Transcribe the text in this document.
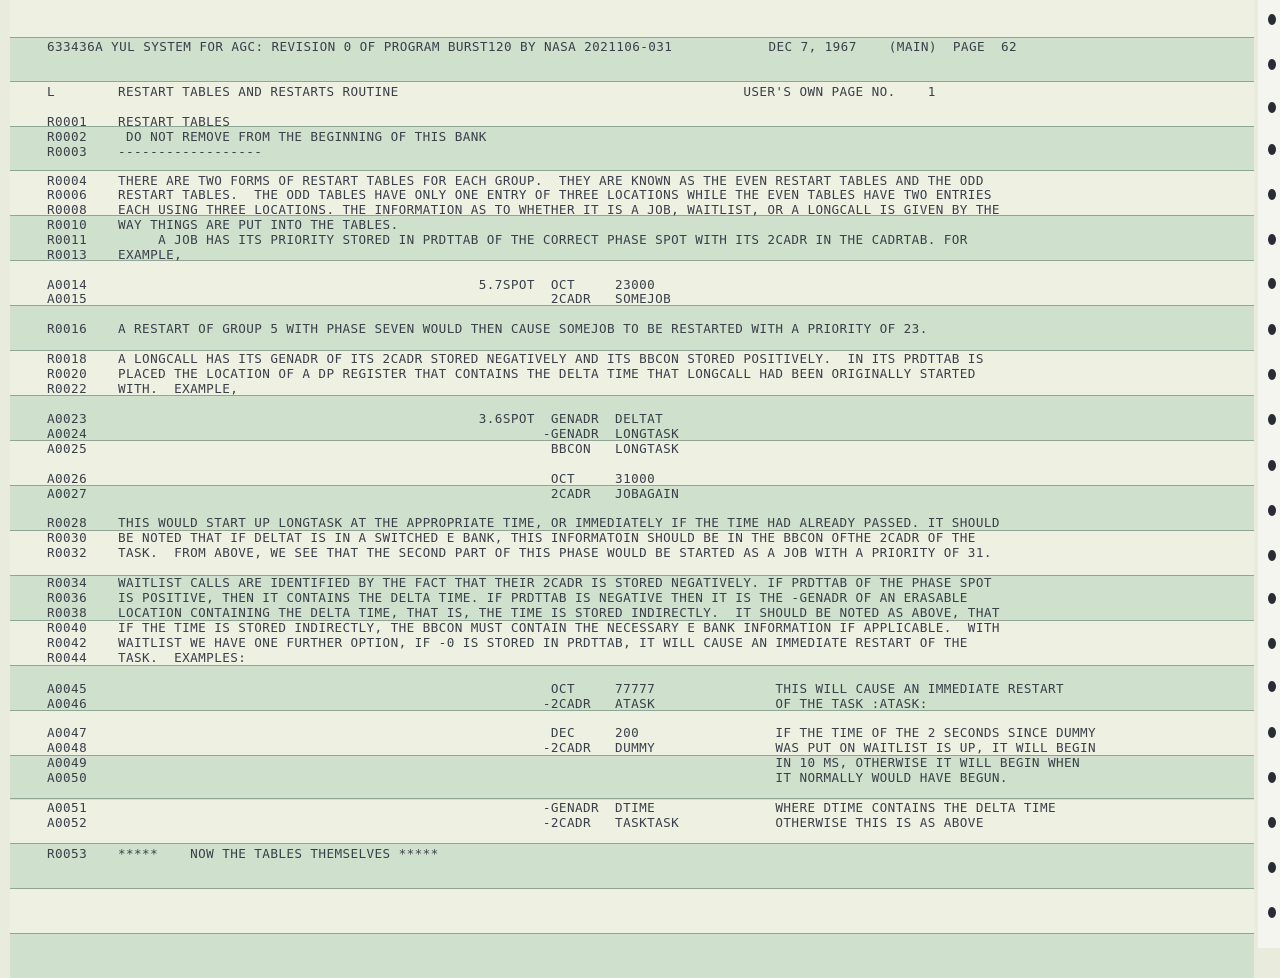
633436A YUL SYSTEM FOR AGC: REVISION 0 OF PROGRAM BURST120 BY NASA 2021106-031            DEC 7, 1967    (MAIN)  PAGE  62
L	RESTART TABLES AND RESTARTS ROUTINE                                           USER'S OWN PAGE NO.    1
R0001 RESTART TABLES
R0002 DO NOT REMOVE FROM THE BEGINNING OF THIS BANK
R0003 ------------------
R0004 THERE ARE TWO FORMS OF RESTART TABLES FOR EACH GROUP.  THEY ARE KNOWN AS THE EVEN RESTART TABLES AND THE ODD
R0006 RESTART TABLES.  THE ODD TABLES HAVE ONLY ONE ENTRY OF THREE LOCATIONS WHILE THE EVEN TABLES HAVE TWO ENTRIES
R0008 EACH USING THREE LOCATIONS. THE INFORMATION AS TO WHETHER IT IS A JOB, WAITLIST, OR A LONGCALL IS GIVEN BY THE
R0010 WAY THINGS ARE PUT INTO THE TABLES.
R0011 A JOB HAS ITS PRIORITY STORED IN PRDTTAB OF THE CORRECT PHASE SPOT WITH ITS 2CADR IN THE CADRTAB. FOR
R0013 EXAMPLE,
A0014 5.7SPOT  OCT     23000
A0015 2CADR   SOMEJOB
R0016 A RESTART OF GROUP 5 WITH PHASE SEVEN WOULD THEN CAUSE SOMEJOB TO BE RESTARTED WITH A PRIORITY OF 23.
R0018 A LONGCALL HAS ITS GENADR OF ITS 2CADR STORED NEGATIVELY AND ITS BBCON STORED POSITIVELY.  IN ITS PRDTTAB IS
R0020 PLACED THE LOCATION OF A DP REGISTER THAT CONTAINS THE DELTA TIME THAT LONGCALL HAD BEEN ORIGINALLY STARTED
R0022 WITH.  EXAMPLE,
A0023 3.6SPOT  GENADR  DELTAT
A0024 -GENADR  LONGTASK
A0025 BBCON   LONGTASK
A0026 OCT     31000
A0027 2CADR   JOBAGAIN
R0028 THIS WOULD START UP LONGTASK AT THE APPROPRIATE TIME, OR IMMEDIATELY IF THE TIME HAD ALREADY PASSED. IT SHOULD
R0030 BE NOTED THAT IF DELTAT IS IN A SWITCHED E BANK, THIS INFORMATOIN SHOULD BE IN THE BBCON OFTHE 2CADR OF THE
R0032 TASK.  FROM ABOVE, WE SEE THAT THE SECOND PART OF THIS PHASE WOULD BE STARTED AS A JOB WITH A PRIORITY OF 31.
R0034 WAITLIST CALLS ARE IDENTIFIED BY THE FACT THAT THEIR 2CADR IS STORED NEGATIVELY. IF PRDTTAB OF THE PHASE SPOT
R0036 IS POSITIVE, THEN IT CONTAINS THE DELTA TIME. IF PRDTTAB IS NEGATIVE THEN IT IS THE -GENADR OF AN ERASABLE
R0038 LOCATION CONTAINING THE DELTA TIME, THAT IS, THE TIME IS STORED INDIRECTLY.  IT SHOULD BE NOTED AS ABOVE, THAT
R0040 IF THE TIME IS STORED INDIRECTLY, THE BBCON MUST CONTAIN THE NECESSARY E BANK INFORMATION IF APPLICABLE.  WITH
R0042 WAITLIST WE HAVE ONE FURTHER OPTION, IF -0 IS STORED IN PRDTTAB, IT WILL CAUSE AN IMMEDIATE RESTART OF THE
R0044 TASK.  EXAMPLES:
A0045 OCT     77777               THIS WILL CAUSE AN IMMEDIATE RESTART
A0046 -2CADR   ATASK               OF THE TASK :ATASK:
A0047 DEC     200                 IF THE TIME OF THE 2 SECONDS SINCE DUMMY
A0048 -2CADR   DUMMY               WAS PUT ON WAITLIST IS UP, IT WILL BEGIN
A0049 IN 10 MS, OTHERWISE IT WILL BEGIN WHEN
A0050 IT NORMALLY WOULD HAVE BEGUN.
A0051 -GENADR  DTIME               WHERE DTIME CONTAINS THE DELTA TIME
A0052 -2CADR   TASKTASK            OTHERWISE THIS IS AS ABOVE
R0053 *****    NOW THE TABLES THEMSELVES *****
